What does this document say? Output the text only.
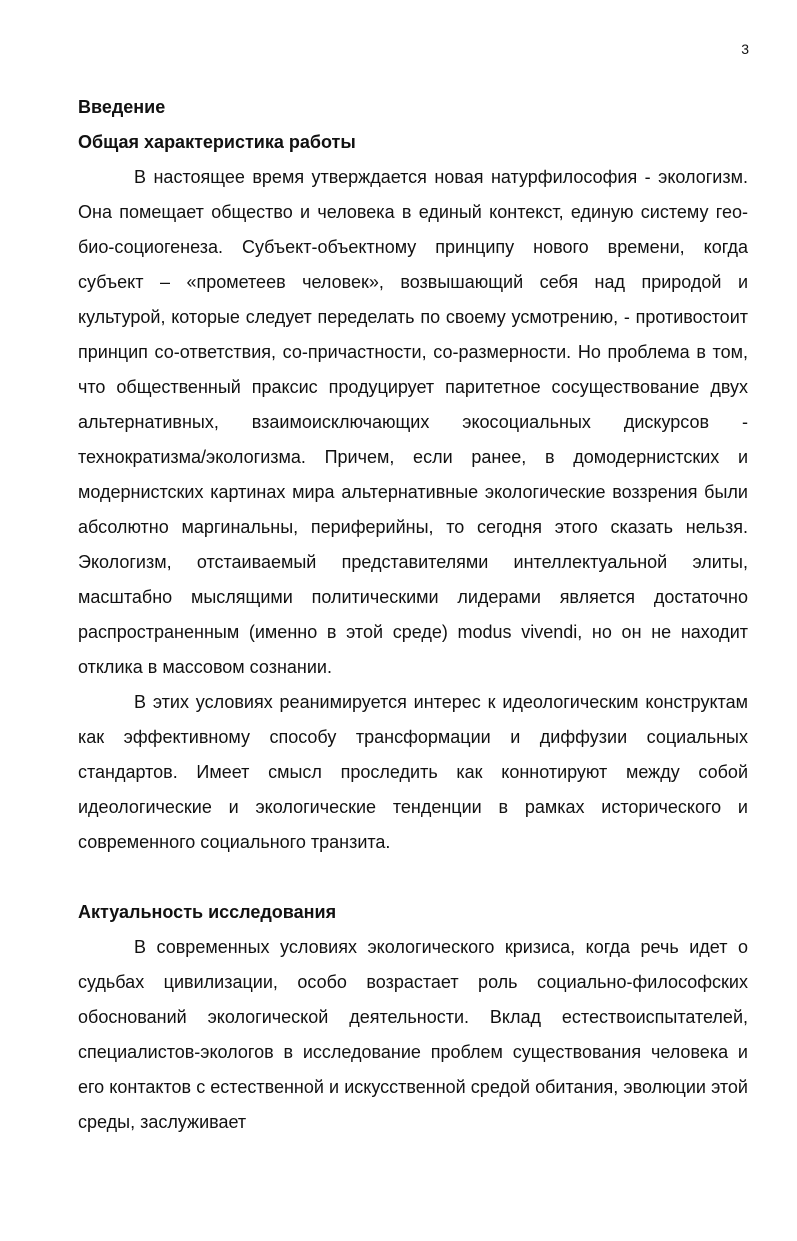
3
Введение
Общая характеристика работы

В настоящее время утверждается новая натурфилософия - экологизм. Она помещает общество и человека в единый контекст, единую систему гео-био-социогенеза. Субъект-объектному принципу нового времени, когда субъект – «прометеев человек», возвышающий себя над природой и культурой, которые следует переделать по своему усмотрению, - противостоит принцип со-ответствия, со-причастности, со-размерности. Но проблема в том, что общественный праксис продуцирует паритетное сосуществование двух альтернативных, взаимоисключающих экосоциальных дискурсов - технократизма/экологизма. Причем, если ранее, в домодернистских и модернистских картинах мира альтернативные экологические воззрения были абсолютно маргинальны, периферийны, то сегодня этого сказать нельзя. Экологизм, отстаиваемый представителями интеллектуальной элиты, масштабно мыслящими политическими лидерами является достаточно распространенным (именно в этой среде) modus vivendi, но он не находит отклика в массовом сознании.

В этих условиях реанимируется интерес к идеологическим конструктам как эффективному способу трансформации и диффузии социальных стандартов. Имеет смысл проследить как коннотируют между собой идеологические и экологические тенденции в рамках исторического и современного социального транзита.

Актуальность исследования

В современных условиях экологического кризиса, когда речь идет о судьбах цивилизации, особо возрастает роль социально-философских обоснований экологической деятельности. Вклад естествоиспытателей, специалистов-экологов в исследование проблем существования человека и его контактов с естественной и искусственной средой обитания, эволюции этой среды, заслуживает
